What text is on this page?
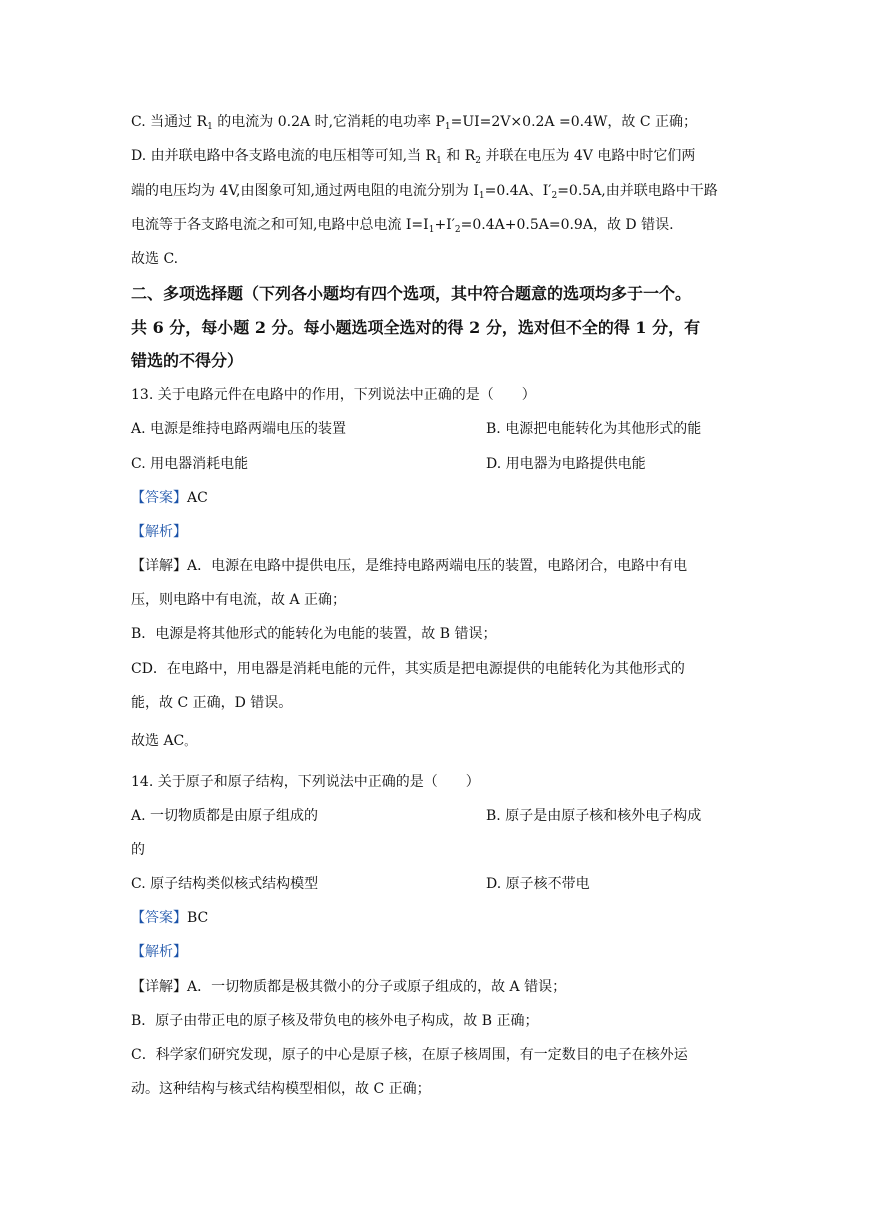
C. 当通过 $R_1$ 的电流为 0.2A 时,它消耗的电功率 $P_1=UI=2V\times 0.2A =0.4W$，故 C 正确；
D. 由并联电路中各支路电流的电压相等可知,当 $R_1$ 和 $R_2$ 并联在电压为 4V 电路中时它们两
端的电压均为 4V,由图象可知,通过两电阻的电流分别为 $I_1=0.4A$、$I'_2=0.5A$,由并联电路中干路
电流等于各支路电流之和可知,电路中总电流 $I=I_1+I'_2=0.4A+0.5A=0.9A$，故 D 错误.
故选 C.
二、多项选择题（下列各小题均有四个选项，其中符合题意的选项均多于一个。
共 6 分，每小题 2 分。每小题选项全选对的得 2 分，选对但不全的得 1 分，有
错选的不得分）
13. 关于电路元件在电路中的作用，下列说法中正确的是（　　）
A. 电源是维持电路两端电压的装置	B. 电源把电能转化为其他形式的能
C. 用电器消耗电能	D. 用电器为电路提供电能
【答案】AC
【解析】
【详解】A．电源在电路中提供电压，是维持电路两端电压的装置，电路闭合，电路中有电
压，则电路中有电流，故 A 正确；
B．电源是将其他形式的能转化为电能的装置，故 B 错误；
CD．在电路中，用电器是消耗电能的元件，其实质是把电源提供的电能转化为其他形式的
能，故 C 正确，D 错误。
故选 AC。
14. 关于原子和原子结构，下列说法中正确的是（　　）
A. 一切物质都是由原子组成的	B. 原子是由原子核和核外电子构成
的
C. 原子结构类似核式结构模型	D. 原子核不带电
【答案】BC
【解析】
【详解】A．一切物质都是极其微小的分子或原子组成的，故 A 错误；
B．原子由带正电的原子核及带负电的核外电子构成，故 B 正确；
C．科学家们研究发现，原子的中心是原子核，在原子核周围，有一定数目的电子在核外运
动。这种结构与核式结构模型相似，故 C 正确；
